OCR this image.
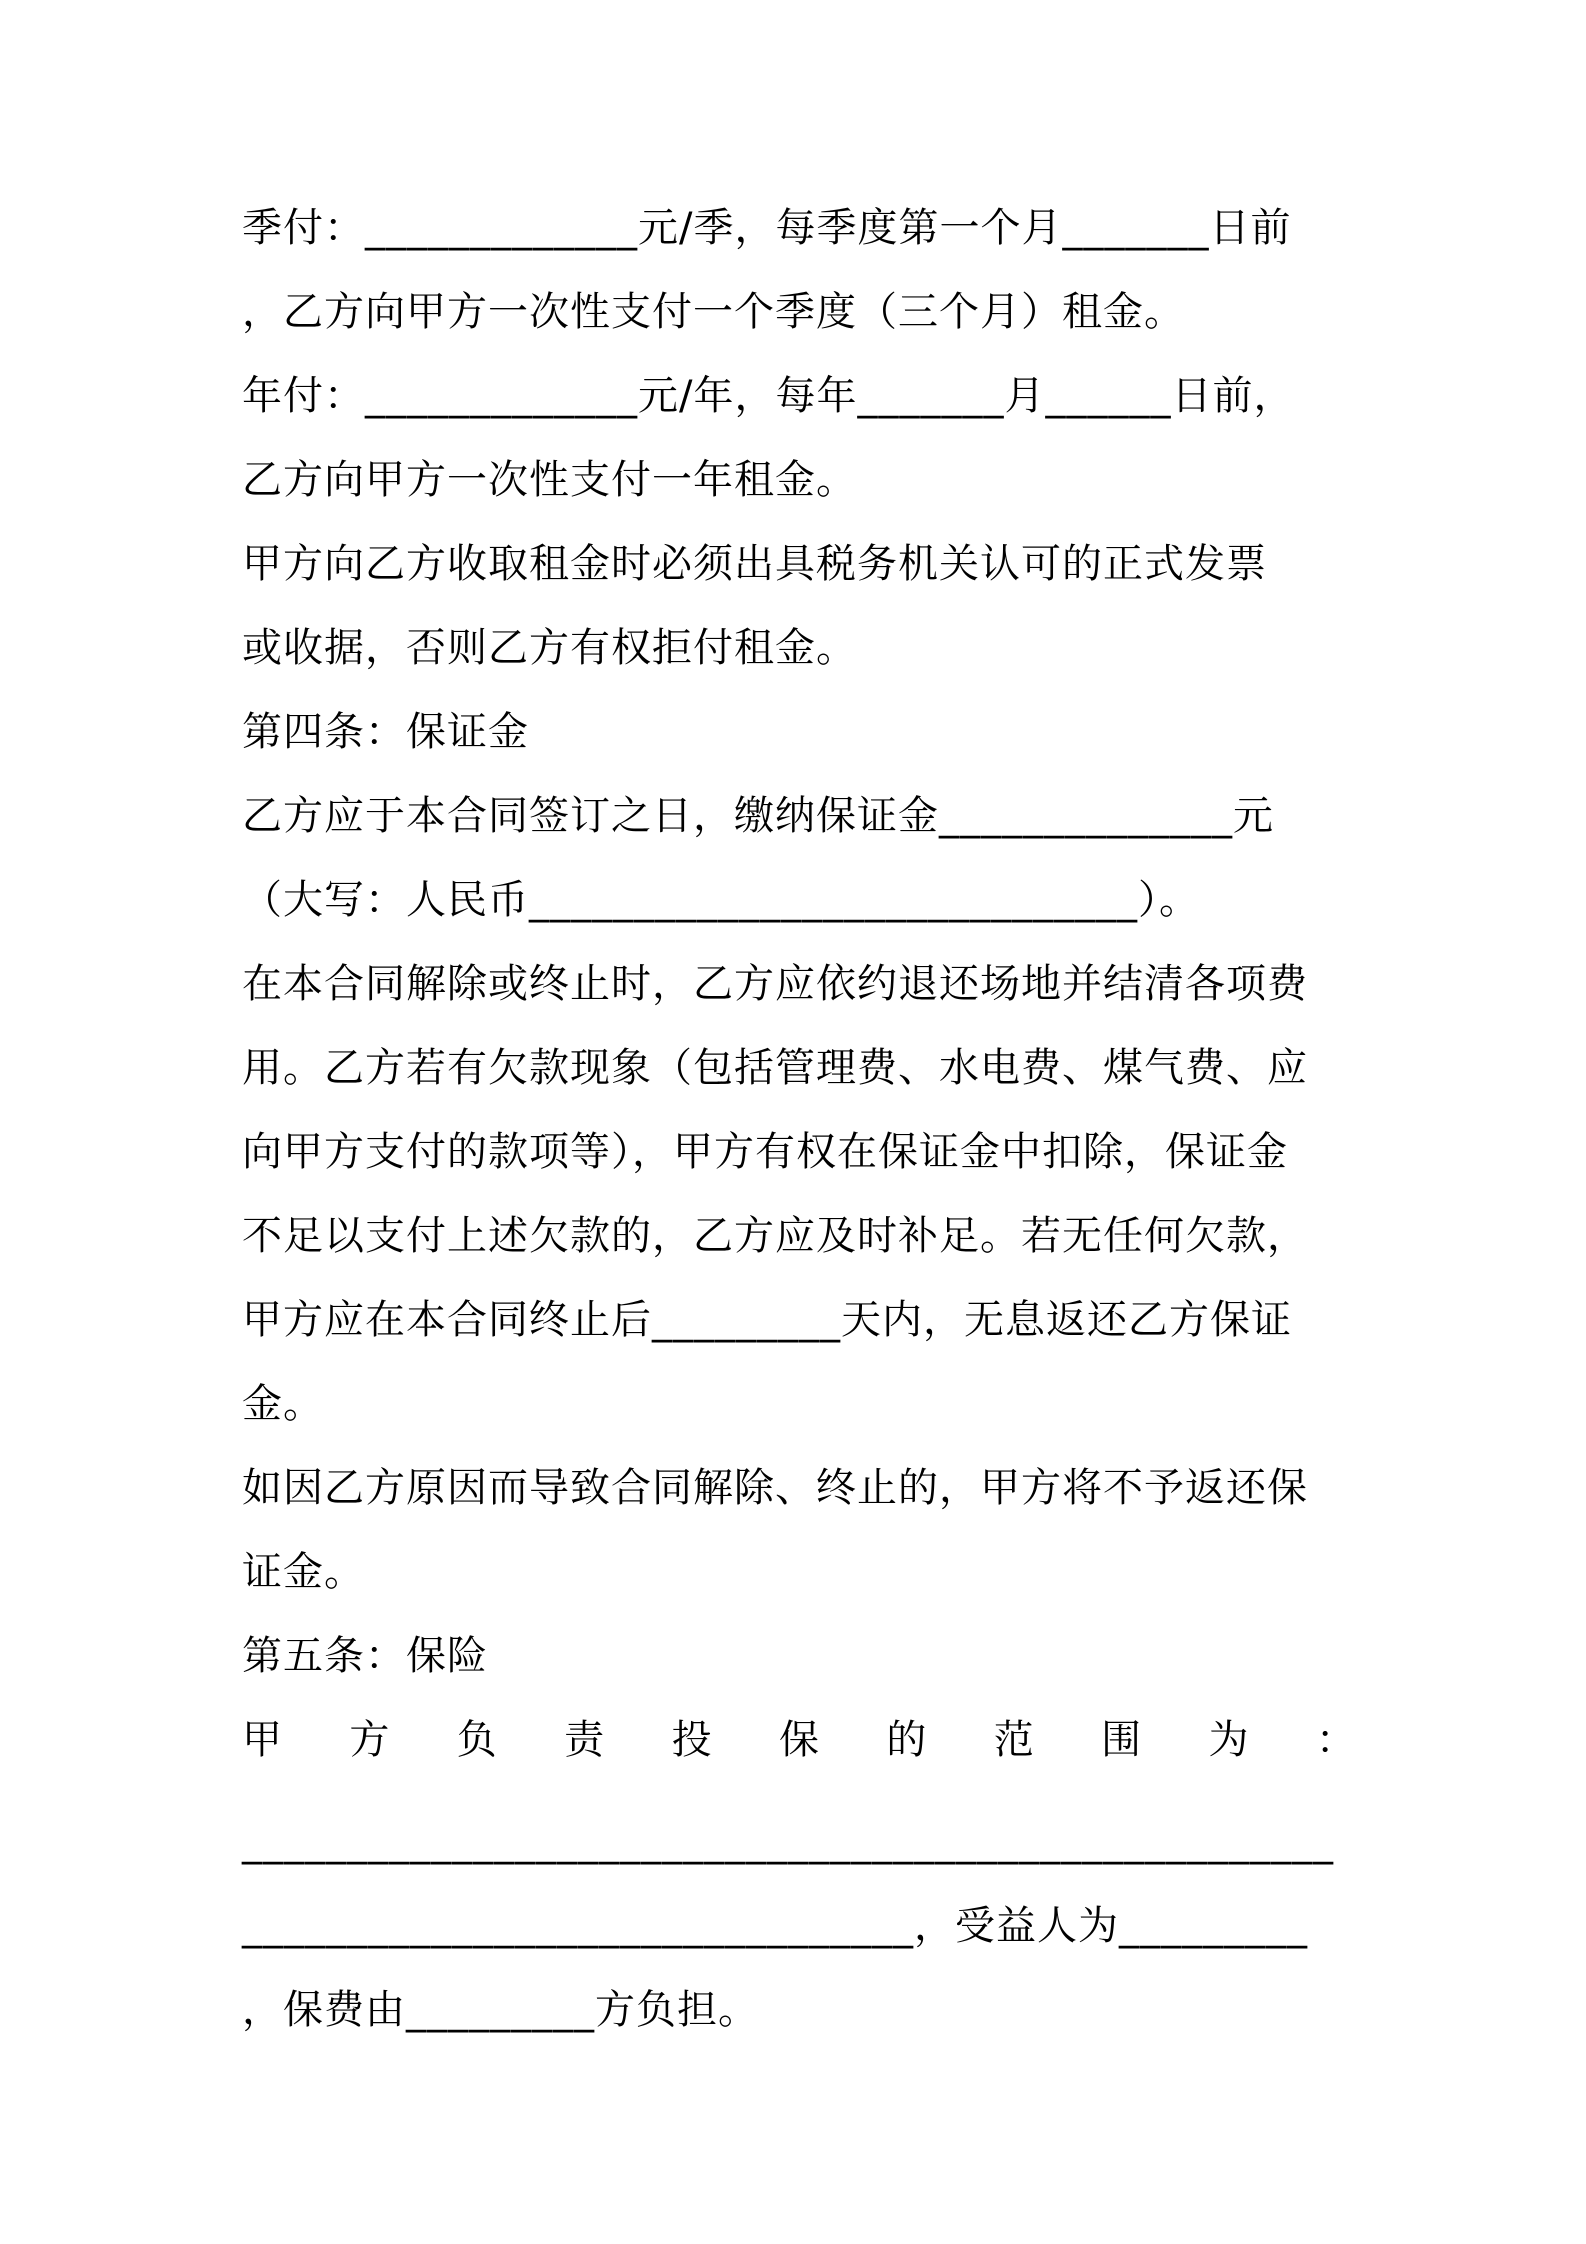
季付：_____________元/季，每季度第一个月_______日前
，乙方向甲方一次性支付一个季度（三个月）租金。
年付：_____________元/年，每年_______月______日前，
乙方向甲方一次性支付一年租金。
甲方向乙方收取租金时必须出具税务机关认可的正式发票
或收据，否则乙方有权拒付租金。
第四条：保证金
乙方应于本合同签订之日，缴纳保证金______________元
（大写：人民币_____________________________）。
在本合同解除或终止时，乙方应依约退还场地并结清各项费
用。乙方若有欠款现象（包括管理费、水电费、煤气费、应
向甲方支付的款项等），甲方有权在保证金中扣除，保证金
不足以支付上述欠款的，乙方应及时补足。若无任何欠款，
甲方应在本合同终止后_________天内，无息返还乙方保证
金。
如因乙方原因而导致合同解除、终止的，甲方将不予返还保
证金。
第五条：保险
甲 方 负 责 投 保 的 范 围 为 ：
____________________________________________________
________________________________，受益人为_________
，保费由_________方负担。
